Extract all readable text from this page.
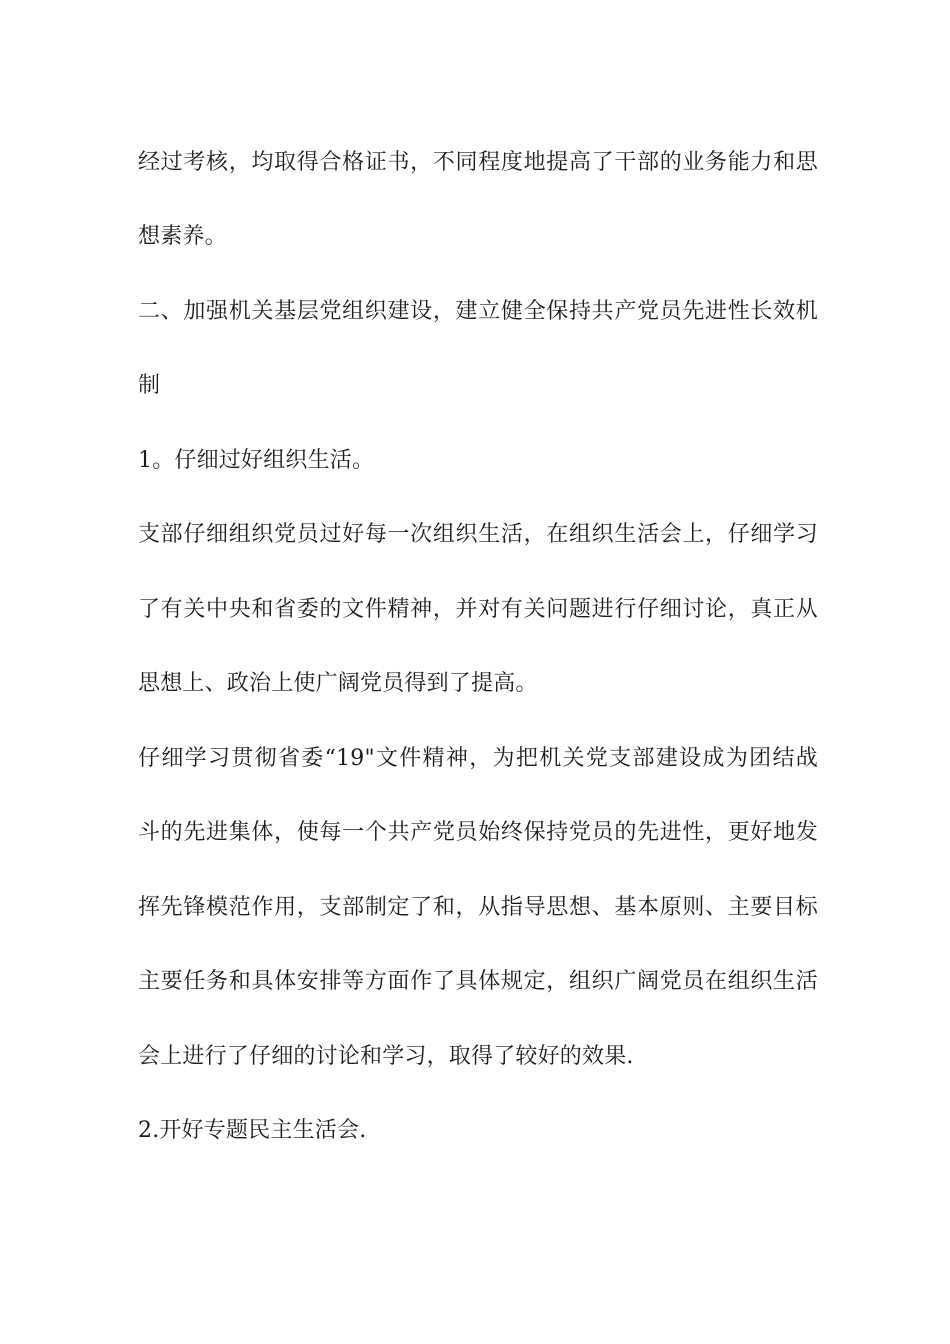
经过考核，均取得合格证书，不同程度地提高了干部的业务能力和思
想素养。
二、加强机关基层党组织建设，建立健全保持共产党员先进性长效机
制
1。仔细过好组织生活。
支部仔细组织党员过好每一次组织生活，在组织生活会上，仔细学习
了有关中央和省委的文件精神，并对有关问题进行仔细讨论，真正从
思想上、政治上使广阔党员得到了提高。
仔细学习贯彻省委“19"文件精神，为把机关党支部建设成为团结战
斗的先进集体，使每一个共产党员始终保持党员的先进性，更好地发
挥先锋模范作用，支部制定了和，从指导思想、基本原则、主要目标
主要任务和具体安排等方面作了具体规定，组织广阔党员在组织生活
会上进行了仔细的讨论和学习，取得了较好的效果.
2.开好专题民主生活会.
